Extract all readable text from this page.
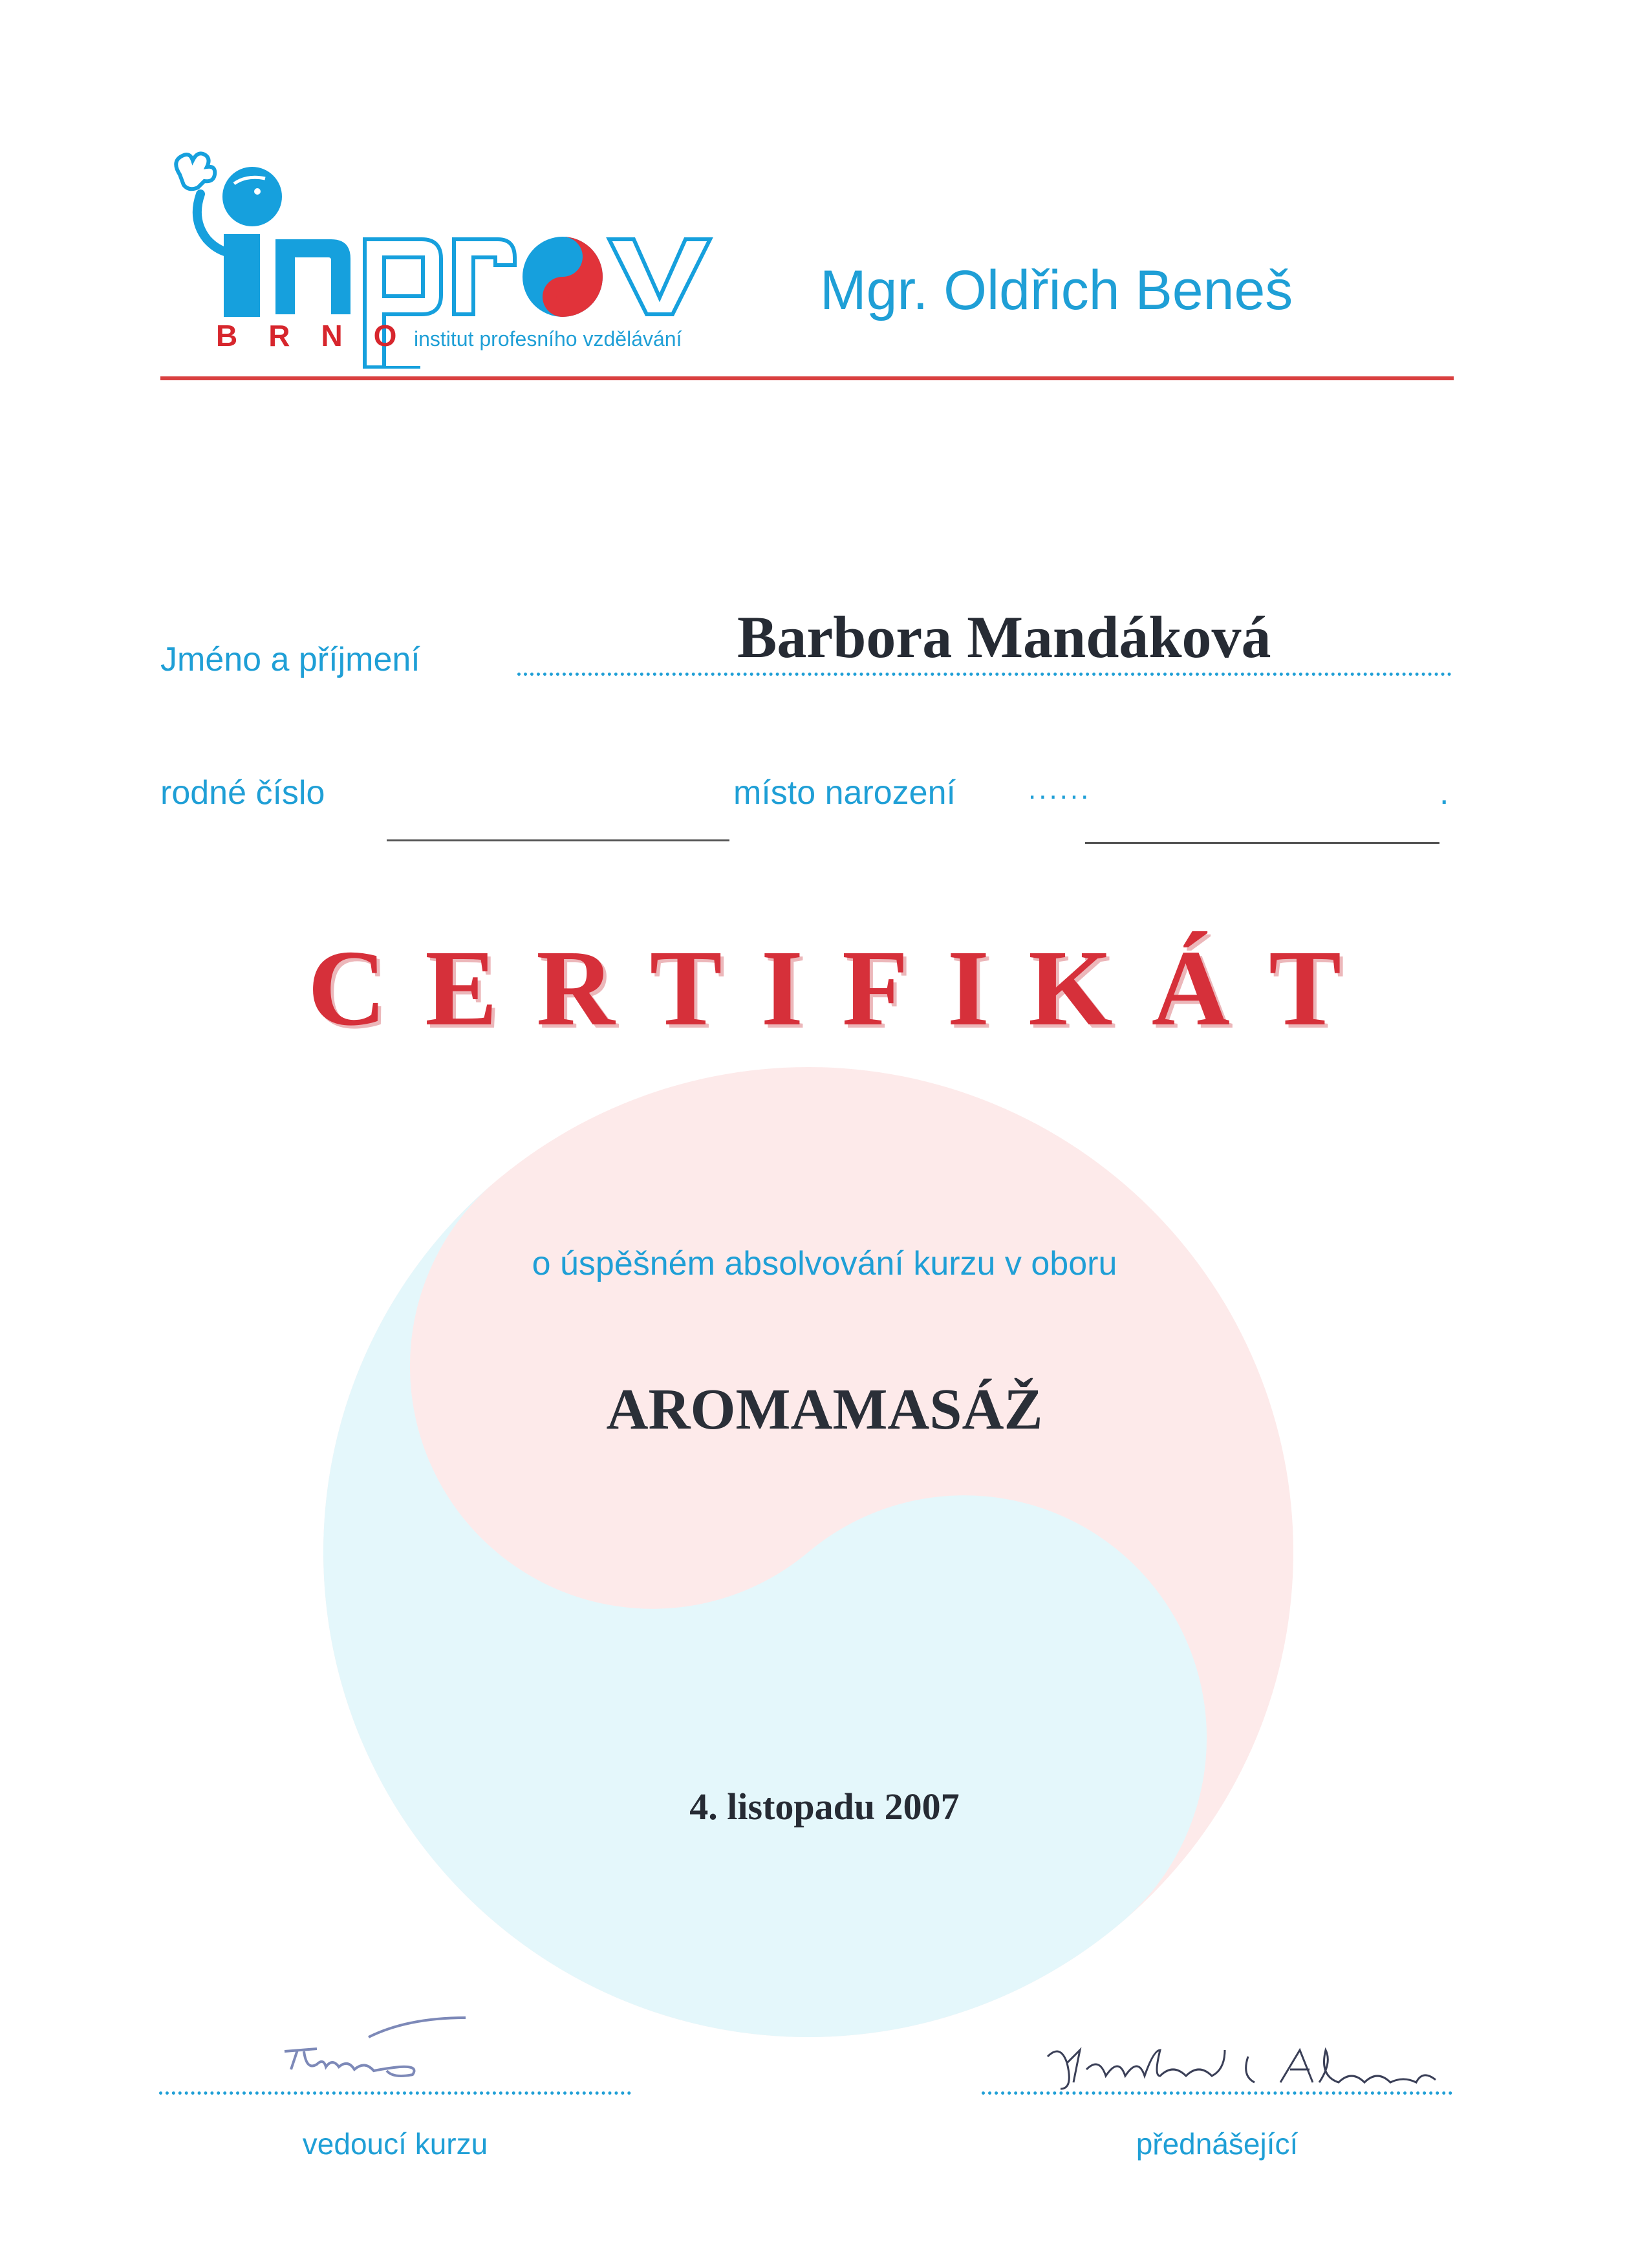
BRNO
institut profesního vzdělávání
Mgr. Oldřich Beneš
Jméno a příjmení	Barbora Mandáková
rodné číslo	místo narození	......	.
CERTIFIKÁT
o úspěšném absolvování kurzu v oboru
AROMAMASÁŽ
4. listopadu 2007
vedoucí kurzu	přednášející
